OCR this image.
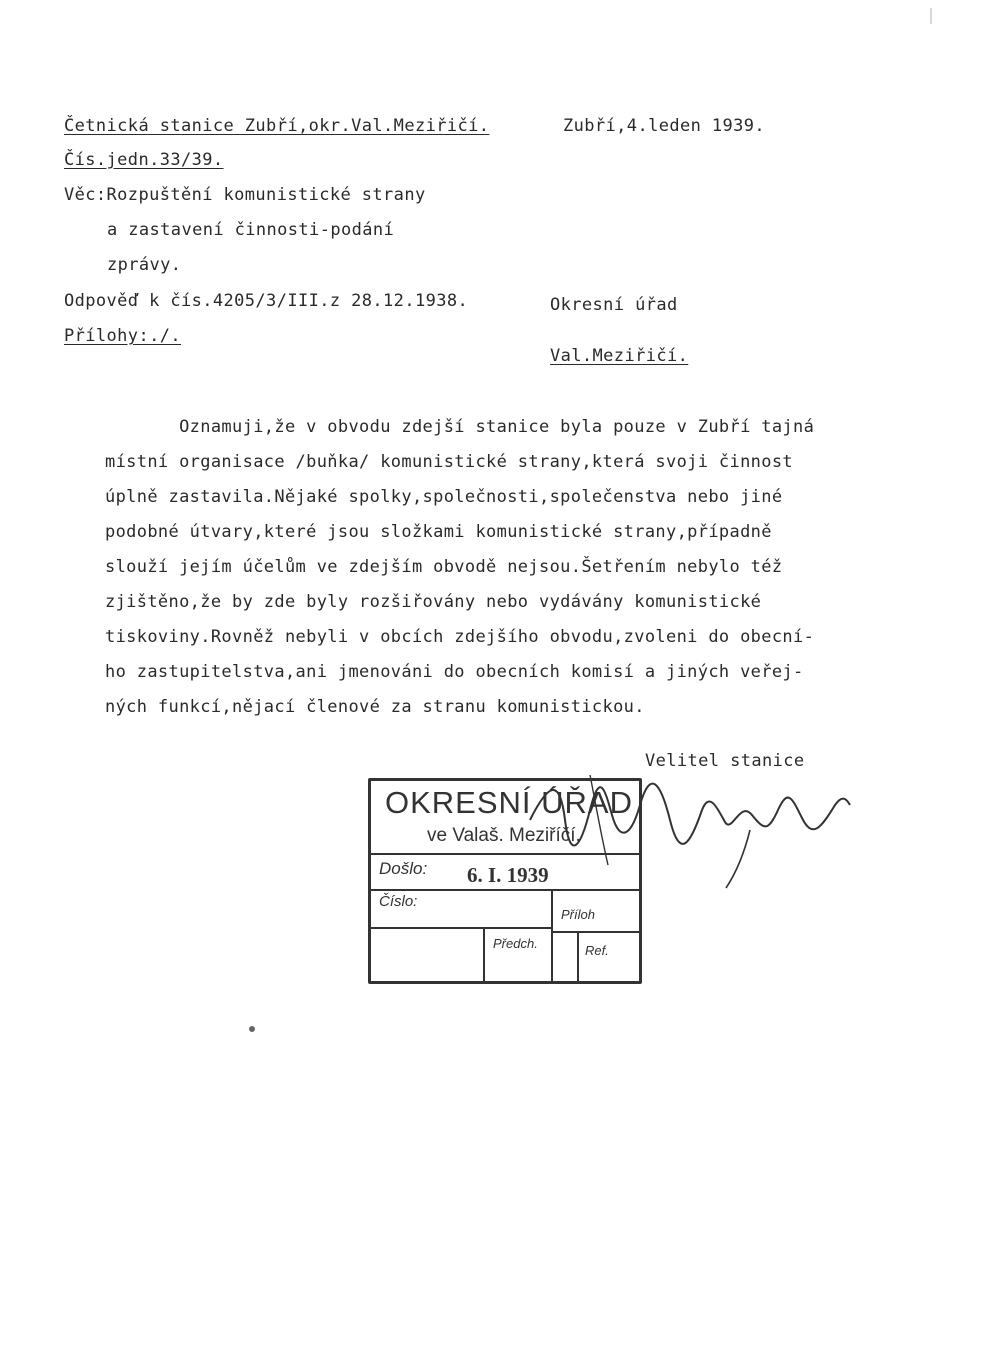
Četnická stanice Zubří,okr.Val.Meziřičí.	Zubří,4.leden 1939.
Čís.jedn.33/39.
Věc:Rozpuštění komunistické strany
a zastavení činnosti-podání
zprávy.
Odpověď k čís.4205/3/III.z 28.12.1938.	Okresní úřad
Přílohy:./.
Val.Meziřičí.
Oznamuji,že v obvodu zdejší stanice byla pouze v Zubří tajná
místní organisace /buňka/ komunistické strany,která svoji činnost
úplně zastavila.Nějaké spolky,společnosti,společenstva nebo jiné
podobné útvary,které jsou složkami komunistické strany,případně
slouží jejím účelům ve zdejším obvodě nejsou.Šetřením nebylo též
zjištěno,že by zde byly rozšiřovány nebo vydávány komunistické
tiskoviny.Rovněž nebyli v obcích zdejšího obvodu,zvoleni do obecní-
ho zastupitelstva,ani jmenováni do obecních komisí a jiných veřej-
ných funkcí,nějací členové za stranu komunistickou.
Velitel stanice
OKRESNÍ ÚŘAD
ve Valaš. Meziříčí.
Došlo: 6. I. 1939
Číslo:
Příloh
Předch.	Ref.
